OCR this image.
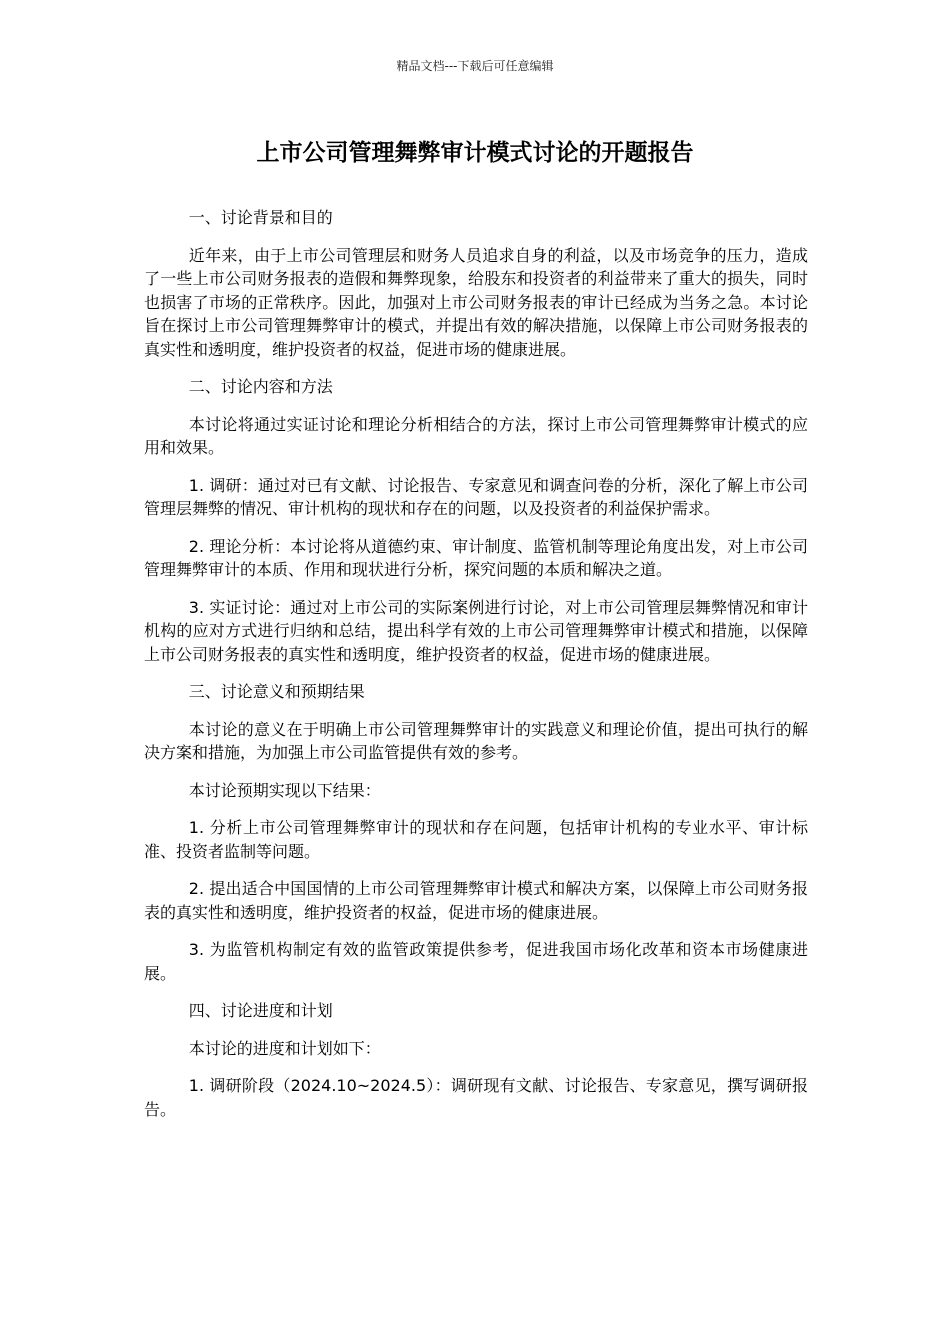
精品文档---下载后可任意编辑
上市公司管理舞弊审计模式讨论的开题报告

一、讨论背景和目的

近年来，由于上市公司管理层和财务人员追求自身的利益，以及市场竞争的压力，造成了一些上市公司财务报表的造假和舞弊现象，给股东和投资者的利益带来了重大的损失，同时也损害了市场的正常秩序。因此，加强对上市公司财务报表的审计已经成为当务之急。本讨论旨在探讨上市公司管理舞弊审计的模式，并提出有效的解决措施，以保障上市公司财务报表的真实性和透明度，维护投资者的权益，促进市场的健康进展。

二、讨论内容和方法

本讨论将通过实证讨论和理论分析相结合的方法，探讨上市公司管理舞弊审计模式的应用和效果。

1. 调研：通过对已有文献、讨论报告、专家意见和调查问卷的分析，深化了解上市公司管理层舞弊的情况、审计机构的现状和存在的问题，以及投资者的利益保护需求。

2. 理论分析：本讨论将从道德约束、审计制度、监管机制等理论角度出发，对上市公司管理舞弊审计的本质、作用和现状进行分析，探究问题的本质和解决之道。

3. 实证讨论：通过对上市公司的实际案例进行讨论，对上市公司管理层舞弊情况和审计机构的应对方式进行归纳和总结，提出科学有效的上市公司管理舞弊审计模式和措施，以保障上市公司财务报表的真实性和透明度，维护投资者的权益，促进市场的健康进展。

三、讨论意义和预期结果

本讨论的意义在于明确上市公司管理舞弊审计的实践意义和理论价值，提出可执行的解决方案和措施，为加强上市公司监管提供有效的参考。

本讨论预期实现以下结果：

1. 分析上市公司管理舞弊审计的现状和存在问题，包括审计机构的专业水平、审计标准、投资者监制等问题。

2. 提出适合中国国情的上市公司管理舞弊审计模式和解决方案，以保障上市公司财务报表的真实性和透明度，维护投资者的权益，促进市场的健康进展。

3. 为监管机构制定有效的监管政策提供参考，促进我国市场化改革和资本市场健康进展。

四、讨论进度和计划

本讨论的进度和计划如下：

1. 调研阶段（2024.10~2024.5）：调研现有文献、讨论报告、专家意见，撰写调研报告。
